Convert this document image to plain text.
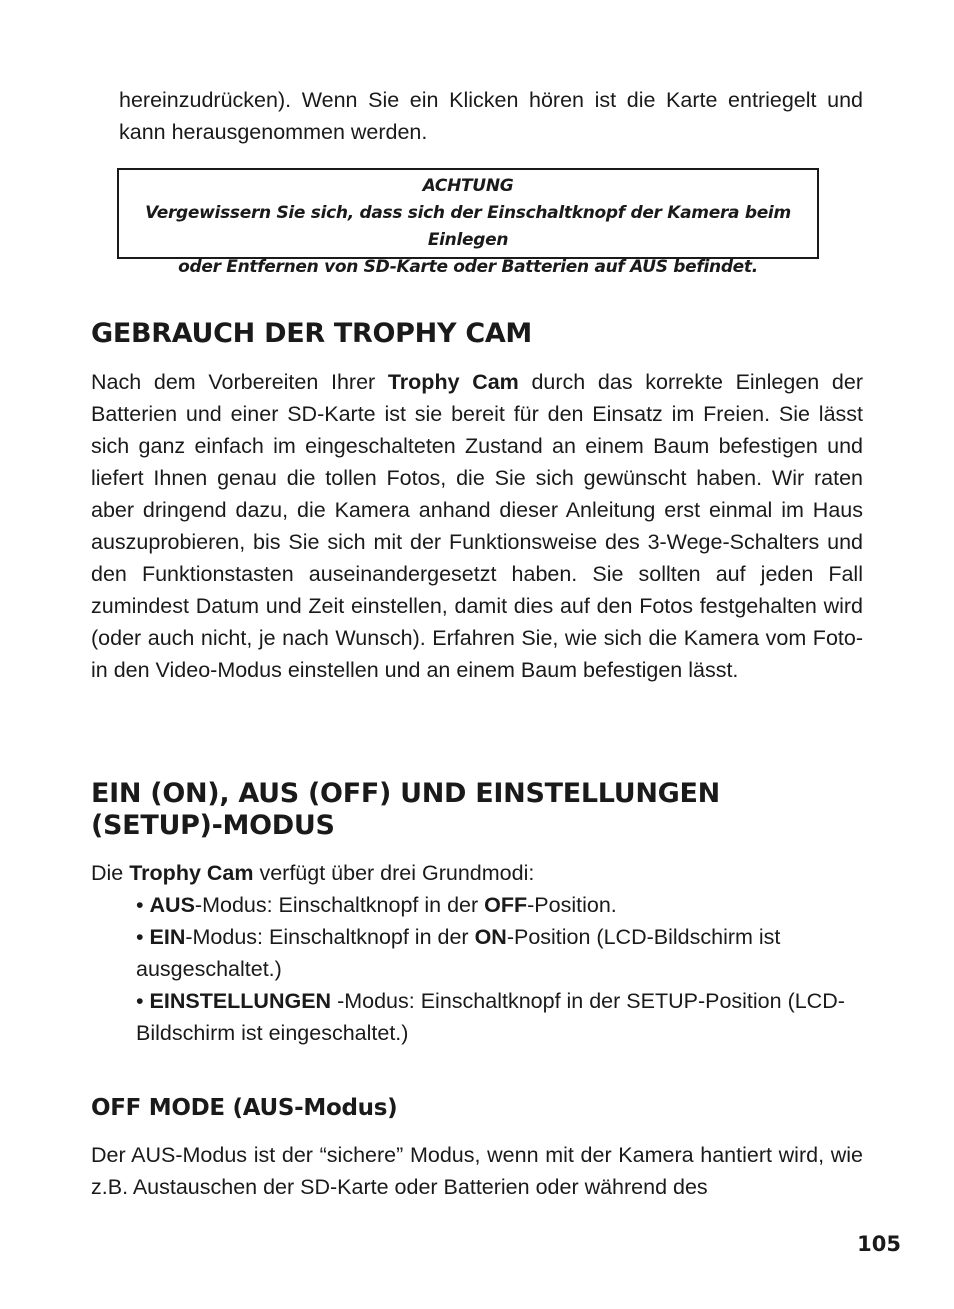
hereinzudrücken). Wenn Sie ein Klicken hören ist die Karte entriegelt und kann herausgenommen werden.
ACHTUNG
Vergewissern Sie sich, dass sich der Einschaltknopf der Kamera beim Einlegen
oder Entfernen von SD-Karte oder Batterien auf AUS befindet.
GEBRAUCH DER TROPHY CAM

Nach dem Vorbereiten Ihrer Trophy Cam durch das korrekte Einlegen der Batterien und einer SD-Karte ist sie bereit für den Einsatz im Freien. Sie lässt sich ganz einfach im eingeschalteten Zustand an einem Baum befestigen und liefert Ihnen genau die tollen Fotos, die Sie sich gewünscht haben. Wir raten aber dringend dazu, die Kamera anhand dieser Anleitung erst einmal im Haus auszuprobieren, bis Sie sich mit der Funktionsweise des 3-Wege-Schalters und den Funktionstasten auseinandergesetzt haben. Sie sollten auf jeden Fall zumindest Datum und Zeit einstellen, damit dies auf den Fotos festgehalten wird (oder auch nicht, je nach Wunsch). Erfahren Sie, wie sich die Kamera vom Foto- in den Video-Modus einstellen und an einem Baum befestigen lässt.

EIN (ON), AUS (OFF) UND EINSTELLUNGEN (SETUP)-MODUS
Die Trophy Cam verfügt über drei Grundmodi:
• AUS-Modus: Einschaltknopf in der OFF-Position.
• EIN-Modus: Einschaltknopf in der ON-Position (LCD-Bildschirm ist ausgeschaltet.)
• EINSTELLUNGEN -Modus: Einschaltknopf in der SETUP-Position (LCD-Bildschirm ist eingeschaltet.)
OFF MODE (AUS-Modus)

Der AUS-Modus ist der “sichere” Modus, wenn mit der Kamera hantiert wird, wie z.B. Austauschen der SD-Karte oder Batterien oder während des

105
